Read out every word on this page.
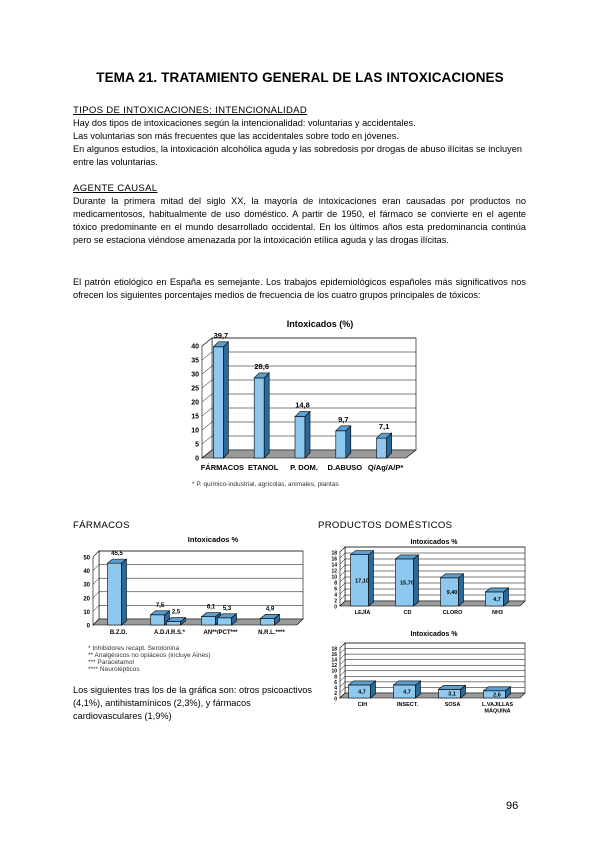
TEMA 21. TRATAMIENTO GENERAL DE LAS INTOXICACIONES
TIPOS DE INTOXICACIONES: INTENCIONALIDAD
Hay dos tipos de intoxicaciones según la intencionalidad: voluntarias y accidentales.
Las voluntarias son más frecuentes que las accidentales sobre todo en jóvenes.
En algunos estudios, la intoxicación alcohólica aguda y las sobredosis por drogas de abuso ilícitas se incluyen entre las voluntarias.
AGENTE CAUSAL
Durante la primera mitad del siglo XX, la mayoría de intoxicaciones eran causadas por productos no medicamentosos, habitualmente de uso doméstico. A partir de 1950, el fármaco se convierte en el agente tóxico predominante en el mundo desarrollado occidental. En los últimos años esta predominancia continúa pero se estaciona viéndose amenazada por la intoxicación etílica aguda y las drogas ilícitas.
El patrón etiológico en España es semejante. Los trabajos epidemiológicos españoles más significativos nos ofrecen los siguientes porcentajes medios de frecuencia de los cuatro grupos principales de tóxicos:
Intoxicados (%)
0
5
10
15
20
25
30
35
40
39,7
FÁRMACOS
28,6
ETANOL
14,8
P. DOM.
9,7
D.ABUSO
7,1
Q/Ag/A/P*
* P. químico-industrial, agrícolas, animales, plantas
FÁRMACOS	PRODUCTOS DOMÉSTICOS
Intoxicados %
0
10
20
30
40
50
45,5
B.Z.D.
7,5
2,5
A.D./I.R.S.*
6,1 5,3
AN**/PCT***
4,9
N.R.L.****
* Inhibidores recapt. Serotonina
** Analgésicos no opiáceos (incluye Aines)
*** Paracetamol
**** Neurolépticos
Los siguientes tras los de la gráfica son: otros psicoactivos (4,1%), antihistamínicos (2,3%), y fármacos cardiovasculares (1,9%)
Intoxicados %
0
2
4
6
8
10
12
14
16
18
17,10
LEJÍA
15,70
CD
9,40
CLORO
4,7
NH3
Intoxicados %
0
2
4
6
8
10
12
14
16
18
4,7
CIH
4,7
INSECT.
3,1
SOSA
2,6
L.VAJILLAS
MÁQUINA
96
